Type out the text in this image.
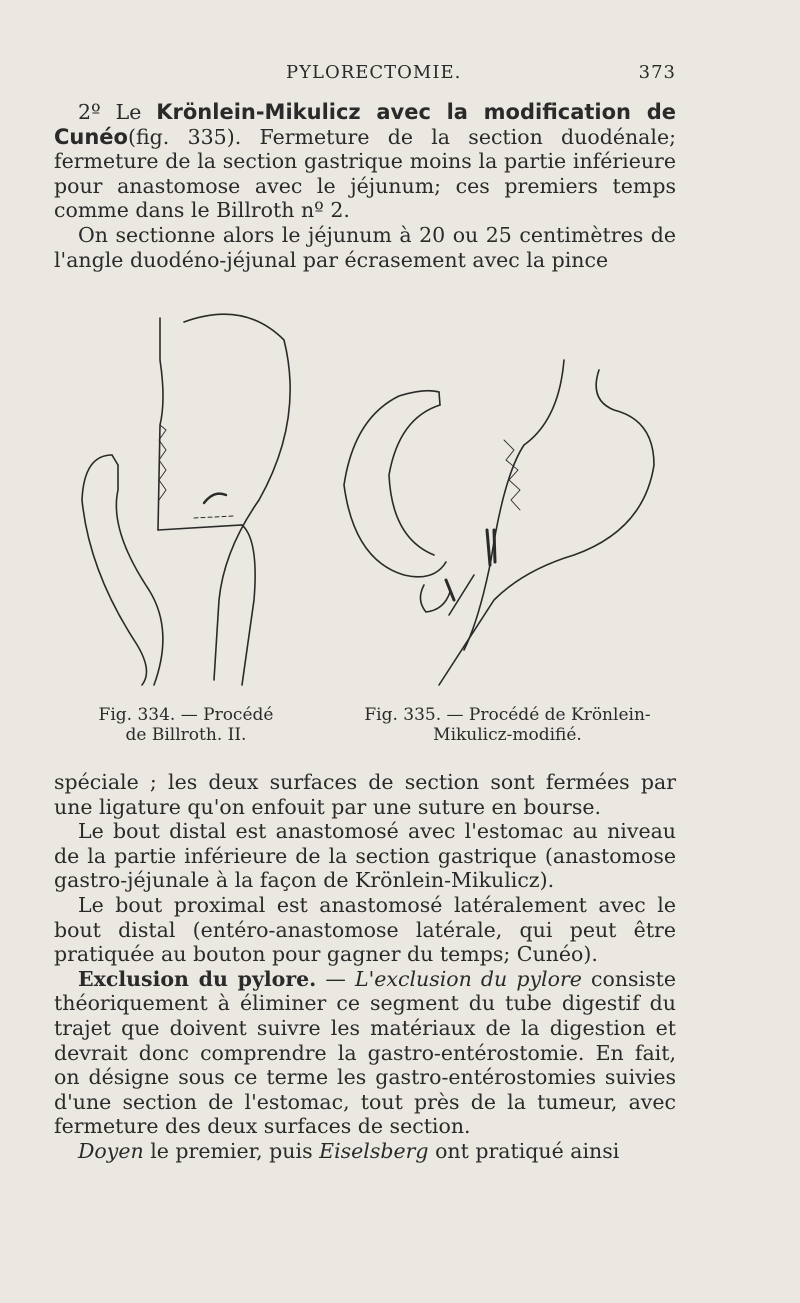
PYLORECTOMIE.	373

2º Le Krönlein-Mikulicz avec la modification de Cunéo(fig. 335). Fermeture de la section duodénale; fermeture de la section gastrique moins la partie inférieure pour anastomose avec le jéjunum; ces premiers temps comme dans le Billroth nº 2.

On sectionne alors le jéjunum à 20 ou 25 centimètres de l'angle duodéno-jéjunal par écrasement avec la pince

Fig. 334. — Procédé
de Billroth. II.
Fig. 335. — Procédé de Krönlein-
Mikulicz-modifié.

spéciale ; les deux surfaces de section sont fermées par une ligature qu'on enfouit par une suture en bourse.

Le bout distal est anastomosé avec l'estomac au niveau de la partie inférieure de la section gastrique (anastomose gastro-jéjunale à la façon de Krönlein-Mikulicz).

Le bout proximal est anastomosé latéralement avec le bout distal (entéro-anastomose latérale, qui peut être pratiquée au bouton pour gagner du temps; Cunéo).

Exclusion du pylore. — L'exclusion du pylore consiste théoriquement à éliminer ce segment du tube digestif du trajet que doivent suivre les matériaux de la digestion et devrait donc comprendre la gastro-entérostomie. En fait, on désigne sous ce terme les gastro-entérostomies suivies d'une section de l'estomac, tout près de la tumeur, avec fermeture des deux surfaces de section.

Doyen le premier, puis Eiselsberg ont pratiqué ainsi
